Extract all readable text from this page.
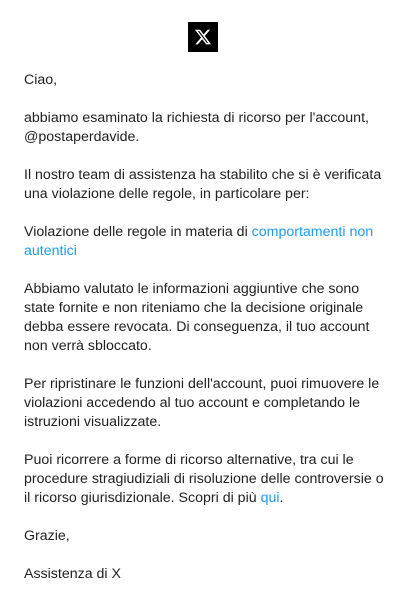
Ciao,

abbiamo esaminato la richiesta di ricorso per l'account, @postaperdavide.

Il nostro team di assistenza ha stabilito che si è verificata una violazione delle regole, in particolare per:

Violazione delle regole in materia di comportamenti non autentici

Abbiamo valutato le informazioni aggiuntive che sono state fornite e non riteniamo che la decisione originale debba essere revocata. Di conseguenza, il tuo account non verrà sbloccato.

Per ripristinare le funzioni dell'account, puoi rimuovere le violazioni accedendo al tuo account e completando le istruzioni visualizzate.

Puoi ricorrere a forme di ricorso alternative, tra cui le procedure stragiudiziali di risoluzione delle controversie o il ricorso giurisdizionale. Scopri di più qui.

Grazie,

Assistenza di X
